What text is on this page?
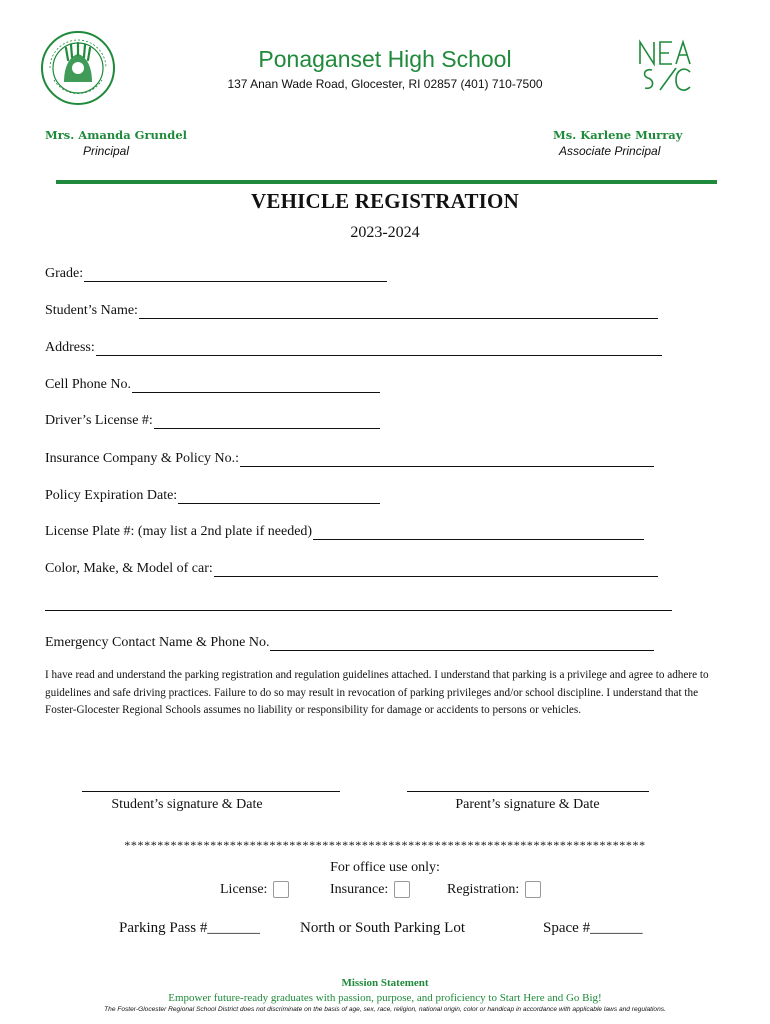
Ponaganset High School
137 Anan Wade Road, Glocester, RI 02857 (401) 710-7500
Mrs. Amanda Grundel
Principal
Ms. Karlene Murray
Associate Principal
VEHICLE REGISTRATION
2023-2024
Grade:
Student’s Name:
Address:
Cell Phone No.
Driver’s License #:
Insurance Company & Policy No.:
Policy Expiration Date:
License Plate #: (may list a 2nd plate if needed)
Color, Make, & Model of car:
Emergency Contact Name & Phone No.
I have read and understand the parking registration and regulation guidelines attached. I understand that parking is a privilege and agree to adhere to guidelines and safe driving practices. Failure to do so may result in revocation of parking privileges and/or school discipline. I understand that the Foster-Glocester Regional Schools assumes no liability or responsibility for damage or accidents to persons or vehicles.
Student’s signature & Date	Parent’s signature & Date
*******************************************************************************
For office use only:
License:	Insurance:	Registration:
Parking Pass #_______	North or South Parking Lot	Space #_______
Mission Statement
Empower future-ready graduates with passion, purpose, and proficiency to Start Here and Go Big!
The Foster-Glocester Regional School District does not discriminate on the basis of age, sex, race, religion, national origin, color or handicap in accordance with applicable laws and regulations.
